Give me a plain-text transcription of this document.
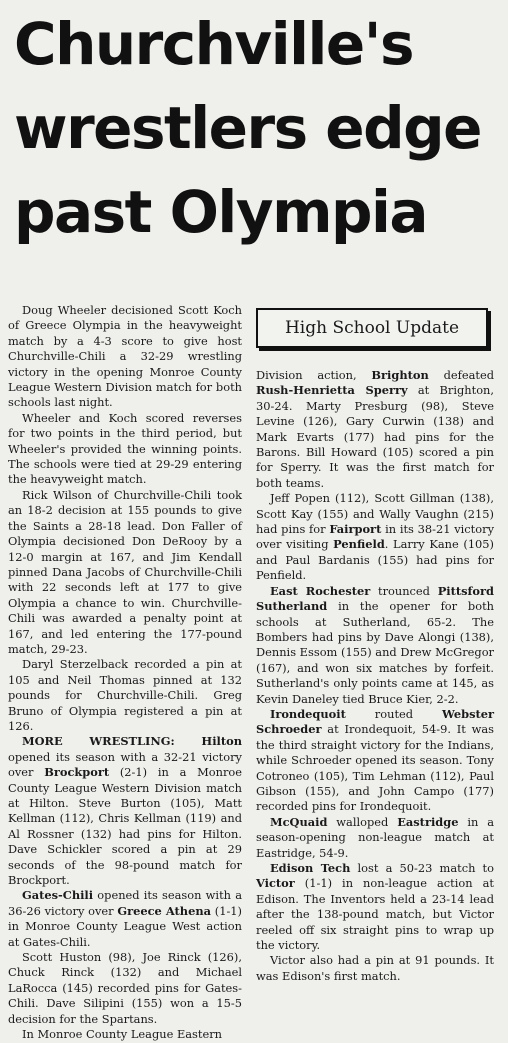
Churchville's
wrestlers edge
past Olympia

Doug Wheeler decisioned Scott Koch of Greece Olympia in the heavyweight match by a 4-3 score to give host Churchville-Chili a 32-29 wrestling victory in the opening Monroe County League Western Division match for both schools last night.

Wheeler and Koch scored reverses for two points in the third period, but Wheeler's provided the winning points. The schools were tied at 29-29 entering the heavyweight match.

Rick Wilson of Churchville-Chili took an 18-2 decision at 155 pounds to give the Saints a 28-18 lead. Don Faller of Olympia decisioned Don DeRooy by a 12-0 margin at 167, and Jim Kendall pinned Dana Jacobs of Churchville-Chili with 22 seconds left at 177 to give Olympia a chance to win. Churchville-Chili was awarded a penalty point at 167, and led entering the 177-pound match, 29-23.

Daryl Sterzelback recorded a pin at 105 and Neil Thomas pinned at 132 pounds for Churchville-Chili. Greg Bruno of Olympia registered a pin at 126.

MORE WRESTLING: Hilton opened its season with a 32-21 victory over Brockport (2-1) in a Monroe County League Western Division match at Hilton. Steve Burton (105), Matt Kellman (112), Chris Kellman (119) and Al Rossner (132) had pins for Hilton. Dave Schickler scored a pin at 29 seconds of the 98-pound match for Brockport.

Gates-Chili opened its season with a 36-26 victory over Greece Athena (1-1) in Monroe County League West action at Gates-Chili.

Scott Huston (98), Joe Rinck (126), Chuck Rinck (132) and Michael LaRocca (145) recorded pins for Gates-Chili. Dave Silipini (155) won a 15-5 decision for the Spartans.

In Monroe County League Eastern

High School Update

Division action, Brighton defeated Rush-Henrietta Sperry at Brighton, 30-24. Marty Presburg (98), Steve Levine (126), Gary Curwin (138) and Mark Evarts (177) had pins for the Barons. Bill Howard (105) scored a pin for Sperry. It was the first match for both teams.

Jeff Popen (112), Scott Gillman (138), Scott Kay (155) and Wally Vaughn (215) had pins for Fairport in its 38-21 victory over visiting Penfield. Larry Kane (105) and Paul Bardanis (155) had pins for Penfield.

East Rochester trounced Pittsford Sutherland in the opener for both schools at Sutherland, 65-2. The Bombers had pins by Dave Alongi (138), Dennis Essom (155) and Drew McGregor (167), and won six matches by forfeit. Sutherland's only points came at 145, as Kevin Daneley tied Bruce Kier, 2-2.

Irondequoit routed Webster Schroeder at Irondequoit, 54-9. It was the third straight victory for the Indians, while Schroeder opened its season. Tony Cotroneo (105), Tim Lehman (112), Paul Gibson (155), and John Campo (177) recorded pins for Irondequoit.

McQuaid walloped Eastridge in a season-opening non-league match at Eastridge, 54-9.

Edison Tech lost a 50-23 match to Victor (1-1) in non-league action at Edison. The Inventors held a 23-14 lead after the 138-pound match, but Victor reeled off six straight pins to wrap up the victory.

Victor also had a pin at 91 pounds. It was Edison's first match.
